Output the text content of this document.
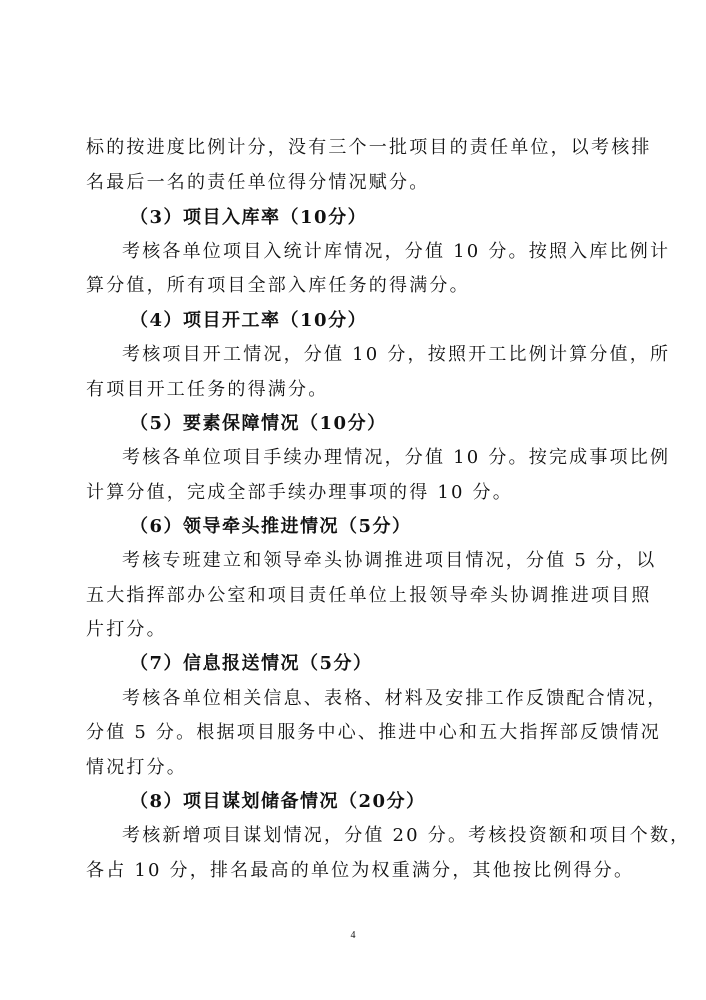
标的按进度比例计分，没有三个一批项目的责任单位，以考核排
名最后一名的责任单位得分情况赋分。
（3）项目入库率（10分）
考核各单位项目入统计库情况，分值 10 分。按照入库比例计
算分值，所有项目全部入库任务的得满分。
（4）项目开工率（10分）
考核项目开工情况，分值 10 分，按照开工比例计算分值，所
有项目开工任务的得满分。
（5）要素保障情况（10分）
考核各单位项目手续办理情况，分值 10 分。按完成事项比例
计算分值，完成全部手续办理事项的得 10 分。
（6）领导牵头推进情况（5分）
考核专班建立和领导牵头协调推进项目情况，分值 5 分，以
五大指挥部办公室和项目责任单位上报领导牵头协调推进项目照
片打分。
（7）信息报送情况（5分）
考核各单位相关信息、表格、材料及安排工作反馈配合情况，
分值 5 分。根据项目服务中心、推进中心和五大指挥部反馈情况
情况打分。
（8）项目谋划储备情况（20分）
考核新增项目谋划情况，分值 20 分。考核投资额和项目个数，
各占 10 分，排名最高的单位为权重满分，其他按比例得分。
4
